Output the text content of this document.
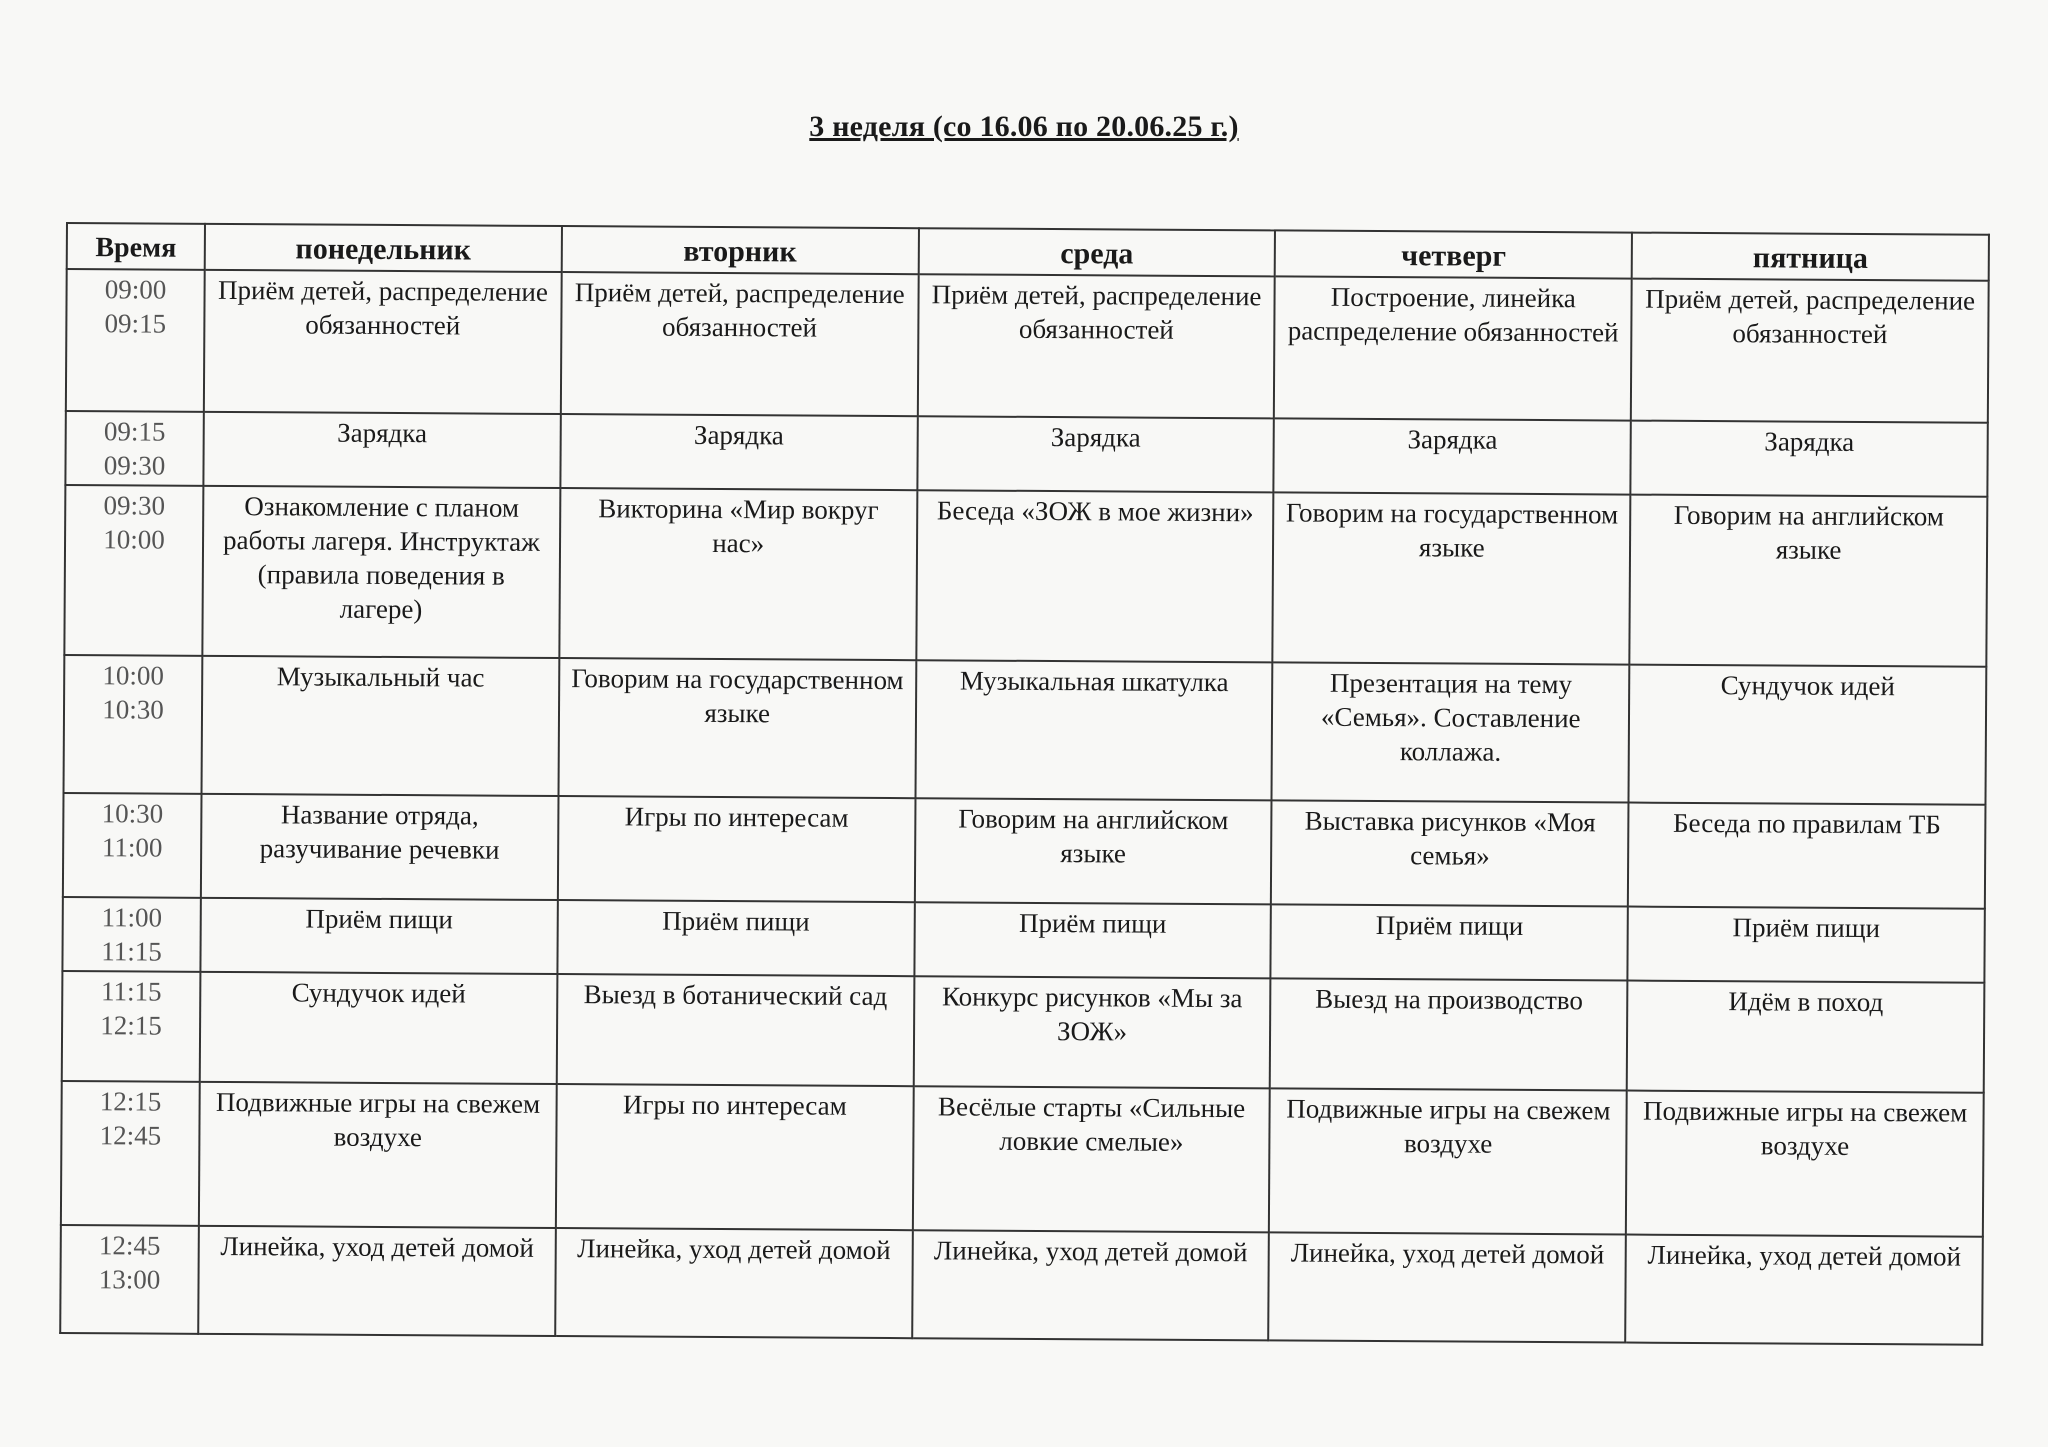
3 неделя (со 16.06 по 20.06.25 г.)
Время	понедельник	вторник	среда	четверг	пятница

09:00
09:15	Приём детей, распределение обязанностей	Приём детей, распределение обязанностей	Приём детей, распределение обязанностей	Построение, линейка распределение обязанностей	Приём детей, распределение обязанностей

09:15
09:30	Зарядка	Зарядка	Зарядка	Зарядка	Зарядка

09:30
10:00	Ознакомление с планом работы лагеря. Инструктаж (правила поведения в лагере)	Викторина «Мир вокруг нас»	Беседа «ЗОЖ в мое жизни»	Говорим на государственном языке	Говорим на английском языке

10:00
10:30	Музыкальный час	Говорим на государственном языке	Музыкальная шкатулка	Презентация на тему «Семья». Составление коллажа.	Сундучок идей

10:30
11:00	Название отряда, разучивание речевки	Игры по интересам	Говорим на английском языке	Выставка рисунков «Моя семья»	Беседа по правилам ТБ

11:00
11:15	Приём пищи	Приём пищи	Приём пищи	Приём пищи	Приём пищи

11:15
12:15	Сундучок идей	Выезд в ботанический сад	Конкурс рисунков «Мы за ЗОЖ»	Выезд на производство	Идём в поход

12:15
12:45	Подвижные игры на свежем воздухе	Игры по интересам	Весёлые старты «Сильные ловкие смелые»	Подвижные игры на свежем воздухе	Подвижные игры на свежем воздухе

12:45
13:00	Линейка, уход детей домой	Линейка, уход детей домой	Линейка, уход детей домой	Линейка, уход детей домой	Линейка, уход детей домой
